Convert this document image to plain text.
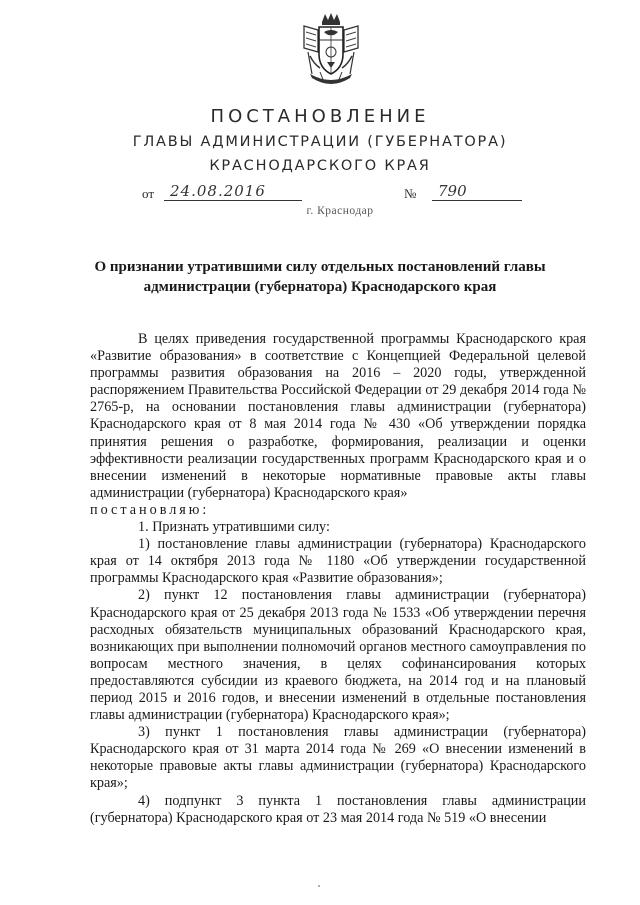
ПОСТАНОВЛЕНИЕ
ГЛАВЫ АДМИНИСТРАЦИИ (ГУБЕРНАТОРА)
КРАСНОДАРСКОГО КРАЯ
от	24.08.2016	№	790
г. Краснодар
О признании утратившими силу отдельных постановлений главы
администрации (губернатора) Краснодарского края

В целях приведения государственной программы Краснодарского края «Развитие образования» в соответствие с Концепцией Федеральной целевой программы развития образования на 2016 – 2020 годы, утвержденной распоряжением Правительства Российской Федерации от 29 декабря 2014 года № 2765-р, на основании постановления главы администрации (губернатора) Краснодарского края от 8 мая 2014 года № 430 «Об утверждении порядка принятия решения о разработке, формирования, реализации и оценки эффективности реализации государственных программ Краснодарского края и о внесении изменений в некоторые нормативные правовые акты главы администрации (губернатора) Краснодарского края»

постановляю:

1. Признать утратившими силу:

1) постановление главы администрации (губернатора) Краснодарского края от 14 октября 2013 года № 1180 «Об утверждении государственной программы Краснодарского края «Развитие образования»;

2) пункт 12 постановления главы администрации (губернатора) Краснодарского края от 25 декабря 2013 года № 1533 «Об утверждении перечня расходных обязательств муниципальных образований Краснодарского края, возникающих при выполнении полномочий органов местного самоуправления по вопросам местного значения, в целях софинансирования которых предоставляются субсидии из краевого бюджета, на 2014 год и на плановый период 2015 и 2016 годов, и внесении изменений в отдельные постановления главы администрации (губернатора) Краснодарского края»;

3) пункт 1 постановления главы администрации (губернатора) Краснодарского края от 31 марта 2014 года № 269 «О внесении изменений в некоторые правовые акты главы администрации (губернатора) Краснодарского края»;

4) подпункт 3 пункта 1 постановления главы администрации (губернатора) Краснодарского края от 23 мая 2014 года № 519 «О внесении
